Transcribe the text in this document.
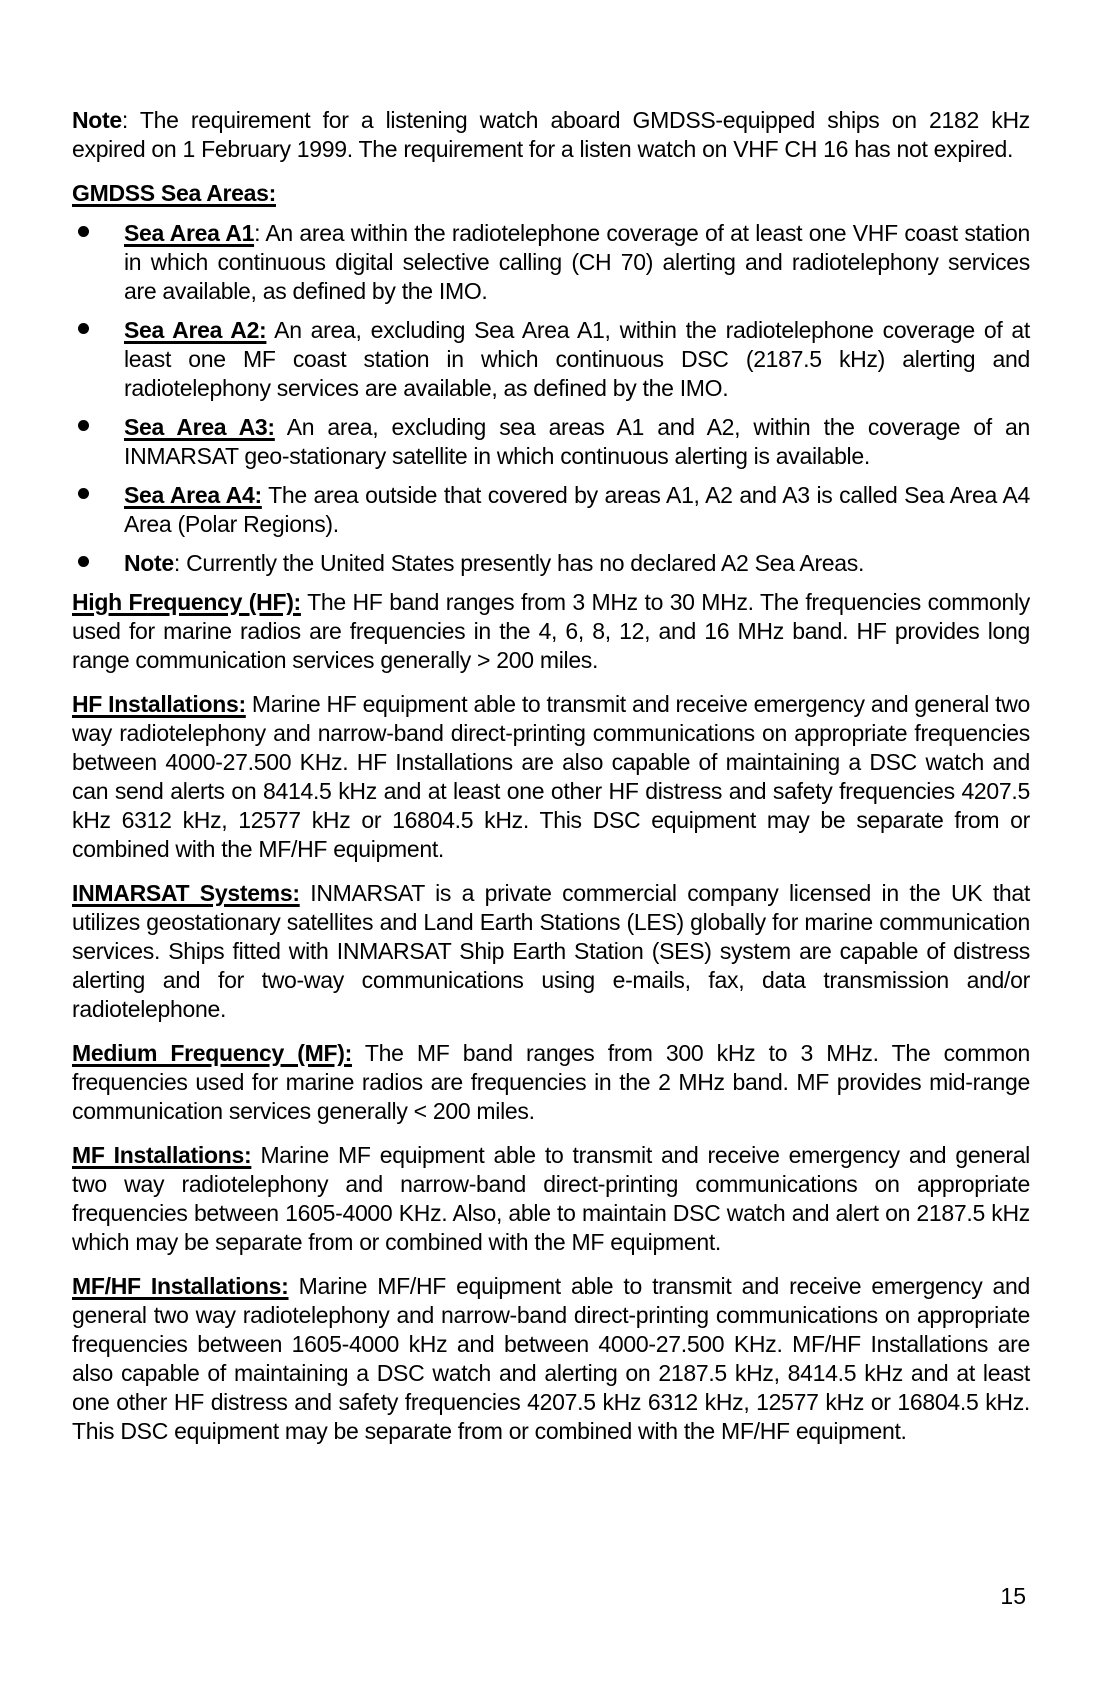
Note: The requirement for a listening watch aboard GMDSS-equipped ships on 2182 kHz expired on 1 February 1999. The requirement for a listen watch on VHF CH 16 has not expired.

GMDSS Sea Areas:
Sea Area A1: An area within the radiotelephone coverage of at least one VHF coast station in which continuous digital selective calling (CH 70) alerting and radiotelephony services are available, as defined by the IMO.
Sea Area A2: An area, excluding Sea Area A1, within the radiotelephone coverage of at least one MF coast station in which continuous DSC (2187.5 kHz) alerting and radiotelephony services are available, as defined by the IMO.
Sea Area A3: An area, excluding sea areas A1 and A2, within the coverage of an INMARSAT geo-stationary satellite in which continuous alerting is available.
Sea Area A4: The area outside that covered by areas A1, A2 and A3 is called Sea Area A4 Area (Polar Regions).
Note: Currently the United States presently has no declared A2 Sea Areas.

High Frequency (HF): The HF band ranges from 3 MHz to 30 MHz. The frequencies commonly used for marine radios are frequencies in the 4, 6, 8, 12, and 16 MHz band. HF provides long range communication services generally > 200 miles.

HF Installations: Marine HF equipment able to transmit and receive emergency and general two way radiotelephony and narrow-band direct-printing communications on appropriate frequencies between 4000-27.500 KHz. HF Installations are also capable of maintaining a DSC watch and can send alerts on 8414.5 kHz and at least one other HF distress and safety frequencies 4207.5 kHz 6312 kHz, 12577 kHz or 16804.5 kHz. This DSC equipment may be separate from or combined with the MF/HF equipment.

INMARSAT Systems: INMARSAT is a private commercial company licensed in the UK that utilizes geostationary satellites and Land Earth Stations (LES) globally for marine communication services. Ships fitted with INMARSAT Ship Earth Station (SES) system are capable of distress alerting and for two-way communications using e-mails, fax, data transmission and/or radiotelephone.

Medium Frequency (MF): The MF band ranges from 300 kHz to 3 MHz. The common frequencies used for marine radios are frequencies in the 2 MHz band. MF provides mid-range communication services generally < 200 miles.

MF Installations: Marine MF equipment able to transmit and receive emergency and general two way radiotelephony and narrow-band direct-printing communications on appropriate frequencies between 1605-4000 KHz. Also, able to maintain DSC watch and alert on 2187.5 kHz which may be separate from or combined with the MF equipment.

MF/HF Installations: Marine MF/HF equipment able to transmit and receive emergency and general two way radiotelephony and narrow-band direct-printing communications on appropriate frequencies between 1605-4000 kHz and between 4000-27.500 KHz. MF/HF Installations are also capable of maintaining a DSC watch and alerting on 2187.5 kHz, 8414.5 kHz and at least one other HF distress and safety frequencies 4207.5 kHz 6312 kHz, 12577 kHz or 16804.5 kHz. This DSC equipment may be separate from or combined with the MF/HF equipment.

15
